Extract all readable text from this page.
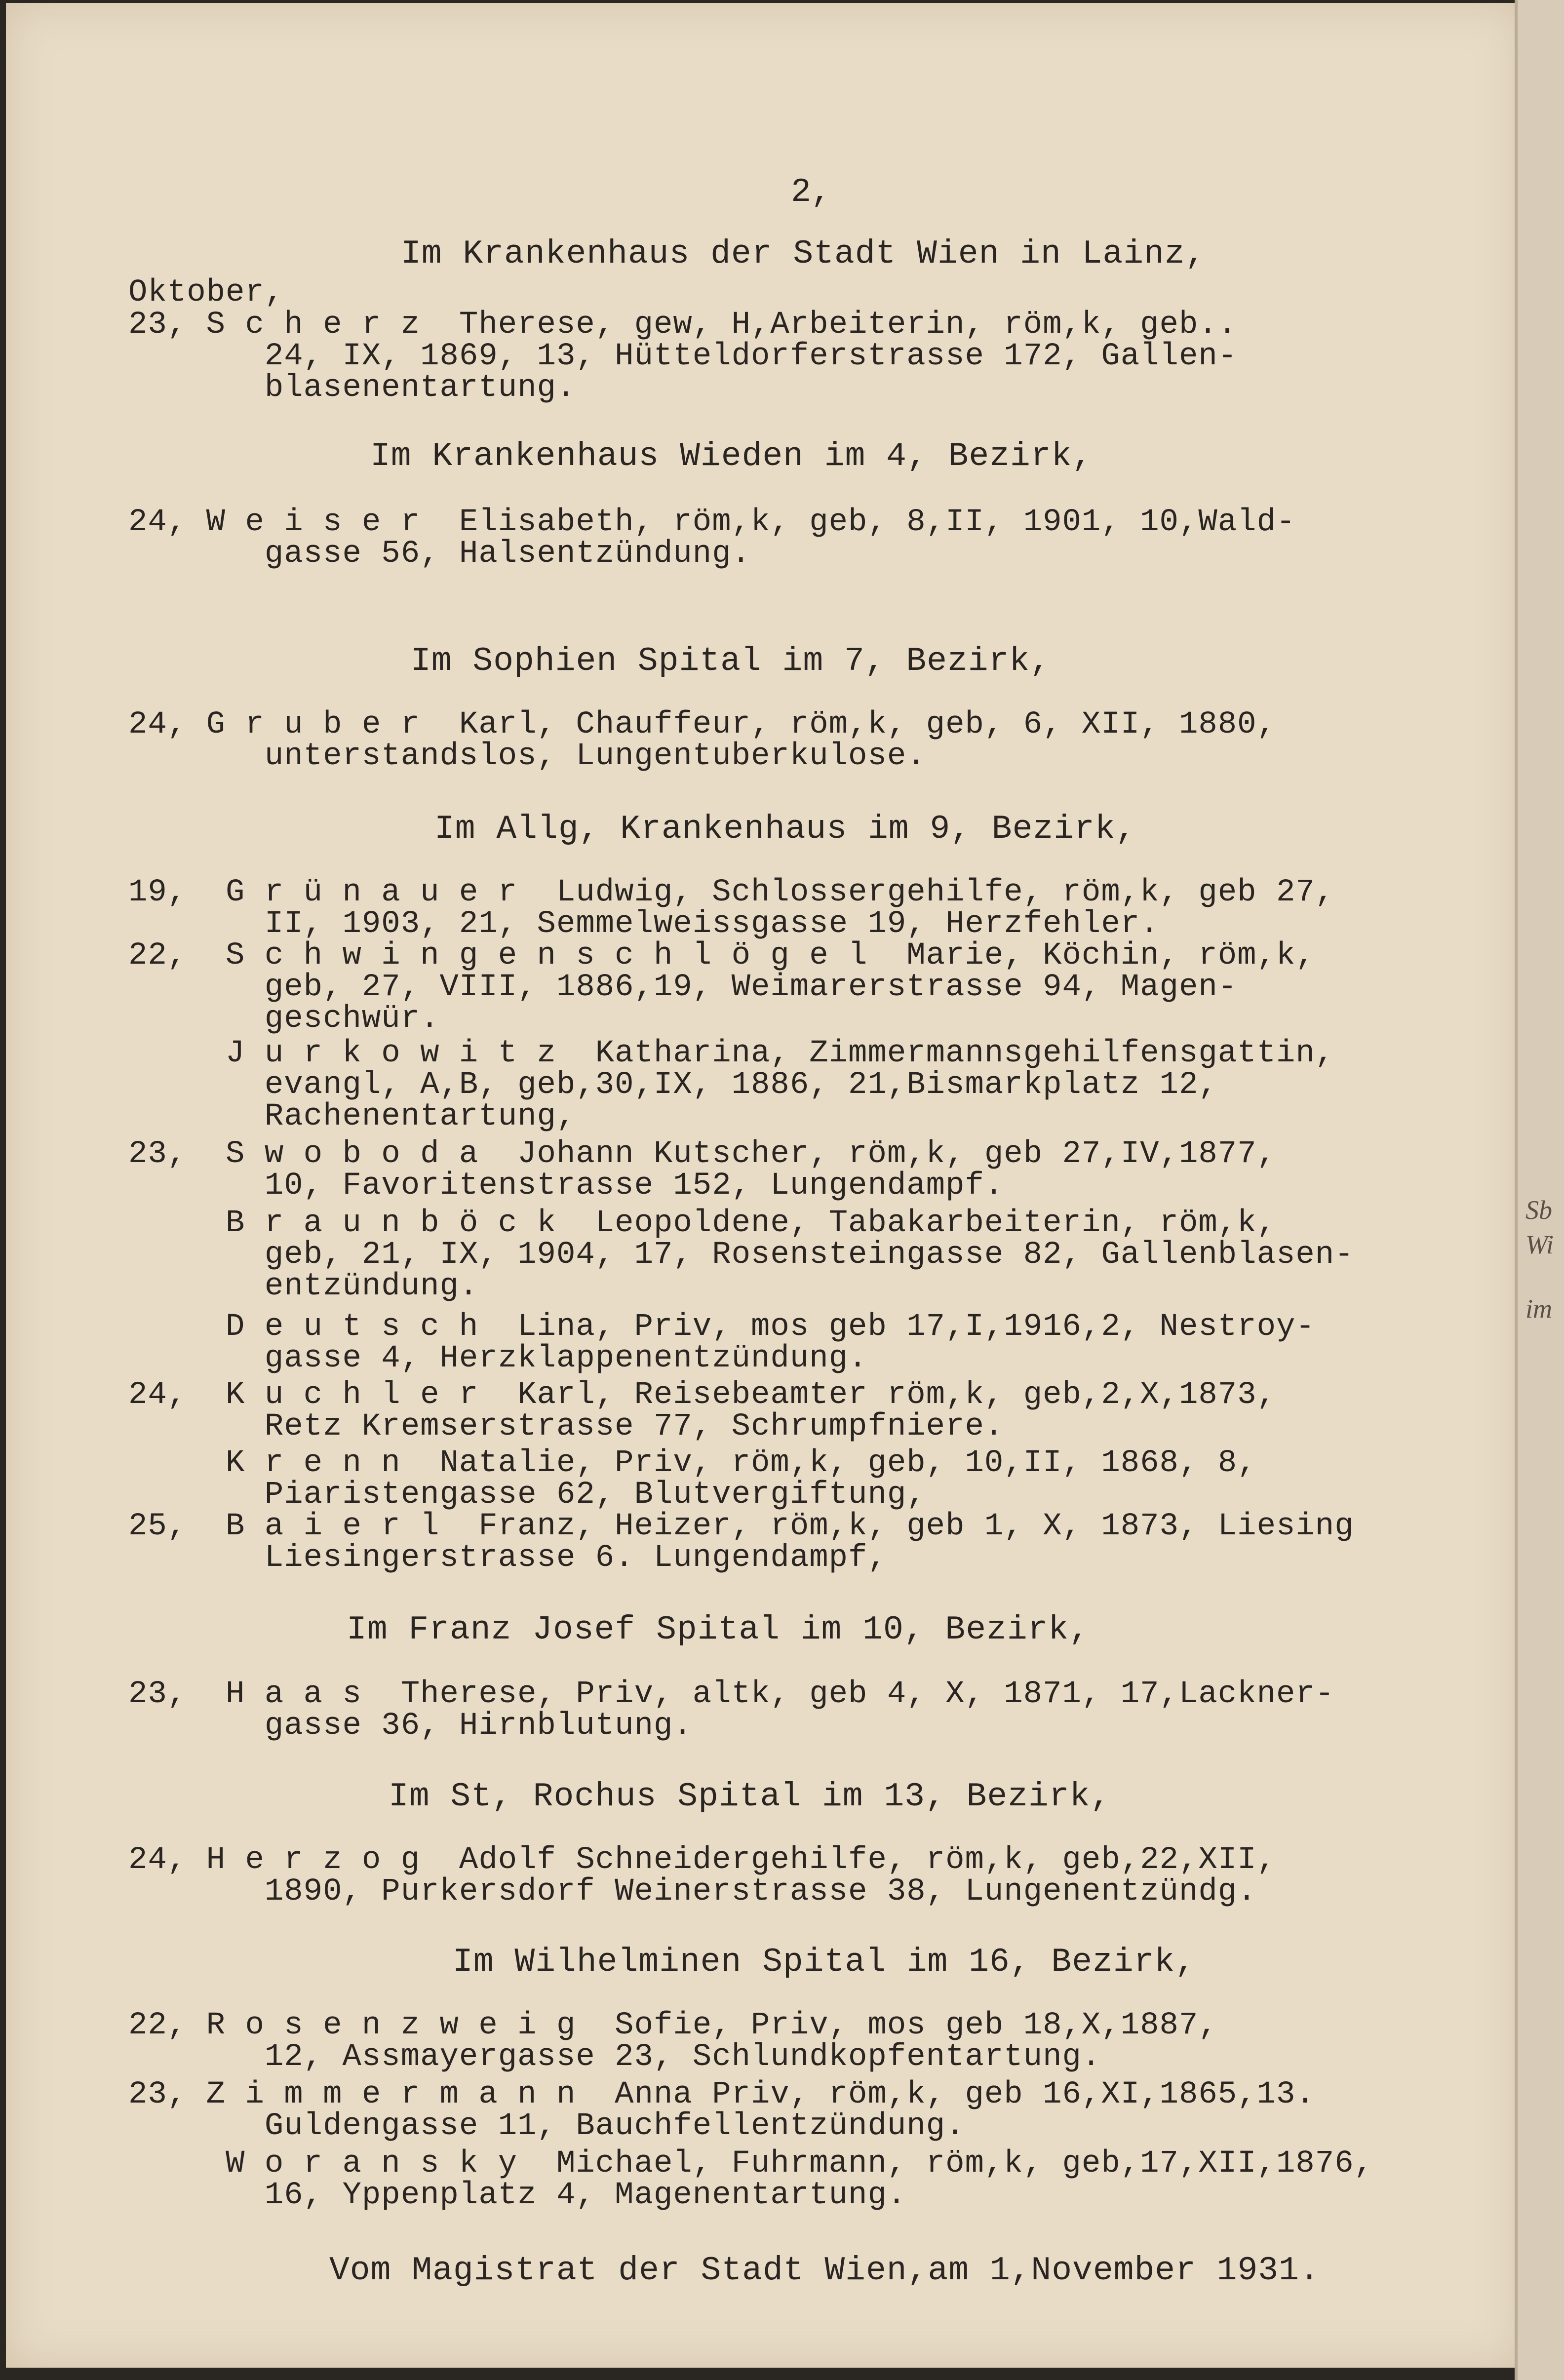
2,

Im Krankenhaus der Stadt Wien in Lainz,

Oktober,

23, S c h e r z  Therese, gew, H,Arbeiterin, röm,k, geb..

24, IX, 1869, 13, Hütteldorferstrasse 172, Gallen-

blasenentartung.

Im Krankenhaus Wieden im 4, Bezirk,

24, W e i s e r  Elisabeth, röm,k, geb, 8,II, 1901, 10,Wald-

gasse 56, Halsentzündung.

Im Sophien Spital im 7, Bezirk,

24, G r u b e r  Karl, Chauffeur, röm,k, geb, 6, XII, 1880,

unterstandslos, Lungentuberkulose.

Im Allg, Krankenhaus im 9, Bezirk,

19,  G r ü n a u e r  Ludwig, Schlossergehilfe, röm,k, geb 27,

II, 1903, 21, Semmelweissgasse 19, Herzfehler.

22,  S c h w i n g e n s c h l ö g e l  Marie, Köchin, röm,k,

geb, 27, VIII, 1886,19, Weimarerstrasse 94, Magen-

geschwür.

J u r k o w i t z  Katharina, Zimmermannsgehilfensgattin,

evangl, A,B, geb,30,IX, 1886, 21,Bismarkplatz 12,

Rachenentartung,

23,  S w o b o d a  Johann Kutscher, röm,k, geb 27,IV,1877,

10, Favoritenstrasse 152, Lungendampf.

B r a u n b ö c k  Leopoldene, Tabakarbeiterin, röm,k,

geb, 21, IX, 1904, 17, Rosensteingasse 82, Gallenblasen-

entzündung.

D e u t s c h  Lina, Priv, mos geb 17,I,1916,2, Nestroy-

gasse 4, Herzklappenentzündung.

24,  K u c h l e r  Karl, Reisebeamter röm,k, geb,2,X,1873,

Retz Kremserstrasse 77, Schrumpfniere.

K r e n n  Natalie, Priv, röm,k, geb, 10,II, 1868, 8,

Piaristengasse 62, Blutvergiftung,

25,  B a i e r l  Franz, Heizer, röm,k, geb 1, X, 1873, Liesing

Liesingerstrasse 6. Lungendampf,

Im Franz Josef Spital im 10, Bezirk,

23,  H a a s  Therese, Priv, altk, geb 4, X, 1871, 17,Lackner-

gasse 36, Hirnblutung.

Im St, Rochus Spital im 13, Bezirk,

24, H e r z o g  Adolf Schneidergehilfe, röm,k, geb,22,XII,

1890, Purkersdorf Weinerstrasse 38, Lungenentzündg.

Im Wilhelminen Spital im 16, Bezirk,

22, R o s e n z w e i g  Sofie, Priv, mos geb 18,X,1887,

12, Assmayergasse 23, Schlundkopfentartung.

23, Z i m m e r m a n n  Anna Priv, röm,k, geb 16,XI,1865,13.

Guldengasse 11, Bauchfellentzündung.

W o r a n s k y  Michael, Fuhrmann, röm,k, geb,17,XII,1876,

16, Yppenplatz 4, Magenentartung.

Vom Magistrat der Stadt Wien,am 1,November 1931.

Sb
Wi
im
